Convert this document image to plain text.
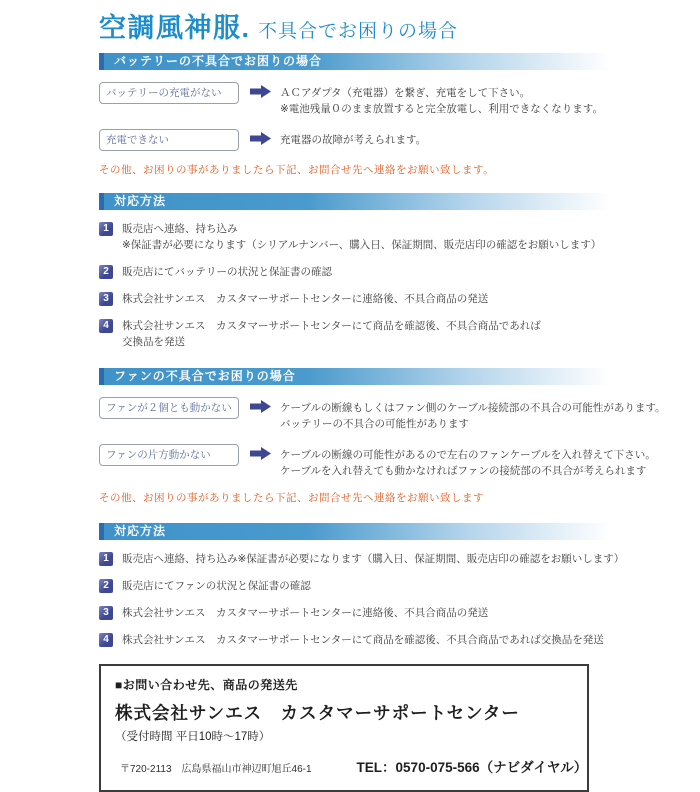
空調風神服 . 不具合でお困りの場合
バッテリーの不具合でお困りの場合
バッテリーの充電がない	ＡＣアダプタ（充電器）を繋ぎ、充電をして下さい。
※電池残量０のまま放置すると完全放電し、利用できなくなります。
充電できない	充電器の故障が考えられます。
その他、お困りの事がありましたら下記、お問合せ先へ連絡をお願い致します。
対応方法
1	販売店へ連絡、持ち込み
※保証書が必要になります（シリアルナンバー、購入日、保証期間、販売店印の確認をお願いします）
2	販売店にてバッテリーの状況と保証書の確認
3	株式会社サンエス　カスタマーサポートセンターに連絡後、不具合商品の発送
4	株式会社サンエス　カスタマーサポートセンターにて商品を確認後、不具合商品であれば
交換品を発送
ファンの不具合でお困りの場合
ファンが２個とも動かない	ケーブルの断線もしくはファン側のケーブル接続部の不具合の可能性があります。
バッテリーの不具合の可能性があります
ファンの片方動かない	ケーブルの断線の可能性があるので左右のファンケーブルを入れ替えて下さい。
ケーブルを入れ替えても動かなければファンの接続部の不具合が考えられます
その他、お困りの事がありましたら下記、お問合せ先へ連絡をお願い致します
対応方法
1	販売店へ連絡、持ち込み※保証書が必要になります（購入日、保証期間、販売店印の確認をお願いします）
2	販売店にてファンの状況と保証書の確認
3	株式会社サンエス　カスタマーサポートセンターに連絡後、不具合商品の発送
4	株式会社サンエス　カスタマーサポートセンターにて商品を確認後、不具合商品であれば交換品を発送
■お問い合わせ先、商品の発送先
株式会社サンエス　カスタマーサポートセンター
（受付時間 平日10時～17時）
〒720-2113　広島県福山市神辺町旭丘46-1	TEL：0570-075-566（ナビダイヤル）
